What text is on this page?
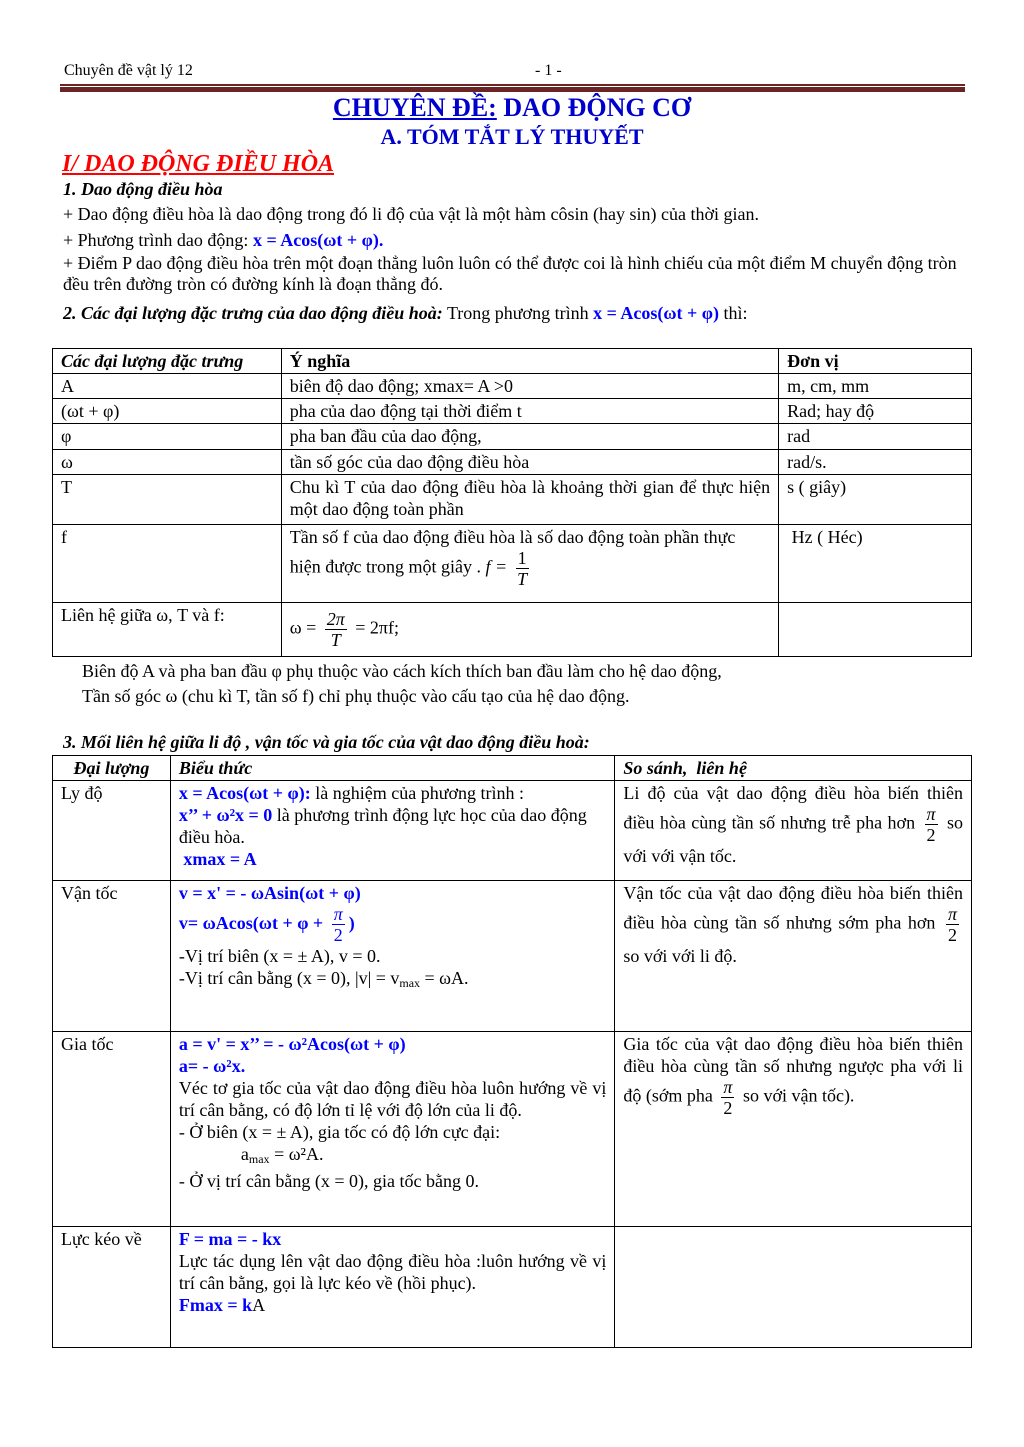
Chuyên đề vật lý 12	- 1 -
CHUYÊN ĐỀ: DAO ĐỘNG CƠ
A. TÓM TẮT LÝ THUYẾT
I/ DAO ĐỘNG ĐIỀU HÒA
1. Dao động điều hòa
+ Dao động điều hòa là dao động trong đó li độ của vật là một hàm côsin (hay sin) của thời gian.
+ Phương trình dao động: x = Acos(ωt + φ).
+ Điểm P dao động điều hòa trên một đoạn thẳng luôn luôn có thể được coi là hình chiếu của một điểm M chuyển động tròn đều trên đường tròn có đường kính là đoạn thẳng đó.
2. Các đại lượng đặc trưng của dao động điều hoà: Trong phương trình x = Acos(ωt + φ) thì:
Các đại lượng đặc trưng	Ý nghĩa	Đơn vị
A	biên độ dao động; xmax= A >0	m, cm, mm
(ωt + φ)	pha của dao động tại thời điểm t	Rad; hay độ
φ	pha ban đầu của dao động,	rad
ω	tần số góc của dao động điều hòa	rad/s.
T	Chu kì T của dao động điều hòa là khoảng thời gian để thực hiện một dao động toàn phần	s ( giây)
f	Tần số f của dao động điều hòa là số dao động toàn phần thực hiện được trong một giây . $f = \frac{1}{T}$	Hz ( Héc)
Liên hệ giữa ω, T và f:	$\omega = \frac{2\pi}{T} = 2\pi f$;	
Biên độ A và pha ban đầu φ phụ thuộc vào cách kích thích ban đầu làm cho hệ dao động,
Tần số góc ω (chu kì T, tần số f) chỉ phụ thuộc vào cấu tạo của hệ dao động.
3. Mối liên hệ giữa li độ , vận tốc và gia tốc của vật dao động điều hoà:
Đại lượng	Biểu thức	So sánh,  liên hệ
Ly độ	x = Acos(ωt + φ): là nghiệm của phương trình :
x’’ + ω²x = 0 là phương trình động lực học của dao động điều hòa.
xmax = A	Li độ của vật dao động điều hòa biến thiên điều hòa cùng tần số nhưng trễ pha hơn $\frac{\pi}{2}$ so với với vận tốc.
Vận tốc	v = x' = - ωAsin(ωt + φ)
$v= \omega Acos(\omega t + \varphi + \frac{\pi}{2}$ )
-Vị trí biên (x = ± A), v = 0.
-Vị trí cân bằng (x = 0), $|v| = v_{max} = \omega A$.	Vận tốc của vật dao động điều hòa biến thiên điều hòa cùng tần số nhưng sớm pha hơn $\frac{\pi}{2}$
so với với li độ.
Gia tốc	a = v' = x’’ = - ω²Acos(ωt + φ)
a= - ω²x.
Véc tơ gia tốc của vật dao động điều hòa luôn hướng về vị trí cân bằng, có độ lớn tỉ lệ với độ lớn của li độ.
- Ở biên (x = ± A), gia tốc có độ lớn cực đại:
$a_{max} = \omega^2A$.
- Ở vị trí cân bằng (x = 0), gia tốc bằng 0.	Gia tốc của vật dao động điều hòa biến thiên điều hòa cùng tần số nhưng ngược pha với li độ (sớm pha $\frac{\pi}{2}$ so với vận tốc).
Lực kéo về	F = ma = - kx
Lực tác dụng lên vật dao động điều hòa :luôn hướng về vị trí cân bằng, gọi là lực kéo về (hồi phục).
Fmax = kA	
